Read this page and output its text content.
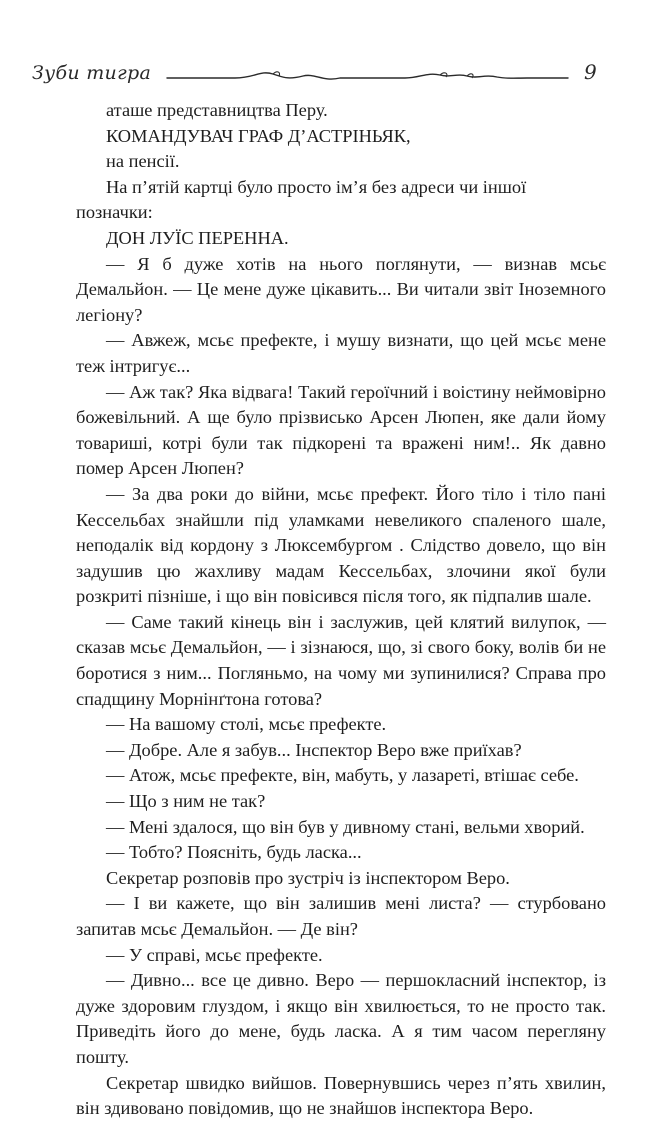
Зуби тигра	9

аташе представництва Перу.

КОМАНДУВАЧ ГРАФ Д’АСТРІНЬЯК,

на пенсії.

На п’ятій картці було просто ім’я без адреси чи іншої позначки:

ДОН ЛУЇС ПЕРЕННА.

— Я б дуже хотів на нього поглянути, — визнав мсьє Демальйон. — Це мене дуже цікавить... Ви читали звіт Іноземного легіону?

— Авжеж, мсьє префекте, і мушу визнати, що цей мсьє мене теж інтригує...

— Аж так? Яка відвага! Такий героїчний і воістину неймовірно божевільний. А ще було прізвисько Арсен Люпен, яке дали йому товариші, котрі були так підкорені та вражені ним!.. Як давно помер Арсен Люпен?

— За два роки до війни, мсьє префект. Його тіло і тіло пані Кессельбах знайшли під уламками невеликого спаленого шале, неподалік від кордону з Люксембургом . Слідство довело, що він задушив цю жахливу мадам Кессельбах, злочини якої були розкриті пізніше, і що він повісився після того, як підпалив шале.

— Саме такий кінець він і заслужив, цей клятий вилупок, — сказав мсьє Демальйон, — і зізнаюся, що, зі свого боку, волів би не боротися з ним... Погляньмо, на чому ми зупинилися? Справа про спадщину Морнінґтона готова?

— На вашому столі, мсьє префекте.

— Добре. Але я забув... Інспектор Веро вже приїхав?

— Атож, мсьє префекте, він, мабуть, у лазареті, втішає себе.

— Що з ним не так?

— Мені здалося, що він був у дивному стані, вельми хворий.

— Тобто? Поясніть, будь ласка...

Секретар розповів про зустріч із інспектором Веро.

— І ви кажете, що він залишив мені листа? — стурбовано запитав мсьє Демальйон. — Де він?

— У справі, мсьє префекте.

— Дивно... все це дивно. Веро — першокласний інспектор, із дуже здоровим глуздом, і якщо він хвилюється, то не просто так. Приведіть його до мене, будь ласка. А я тим часом перегляну пошту.

Секретар швидко вийшов. Повернувшись через п’ять хвилин, він здивовано повідомив, що не знайшов інспектора Веро.
